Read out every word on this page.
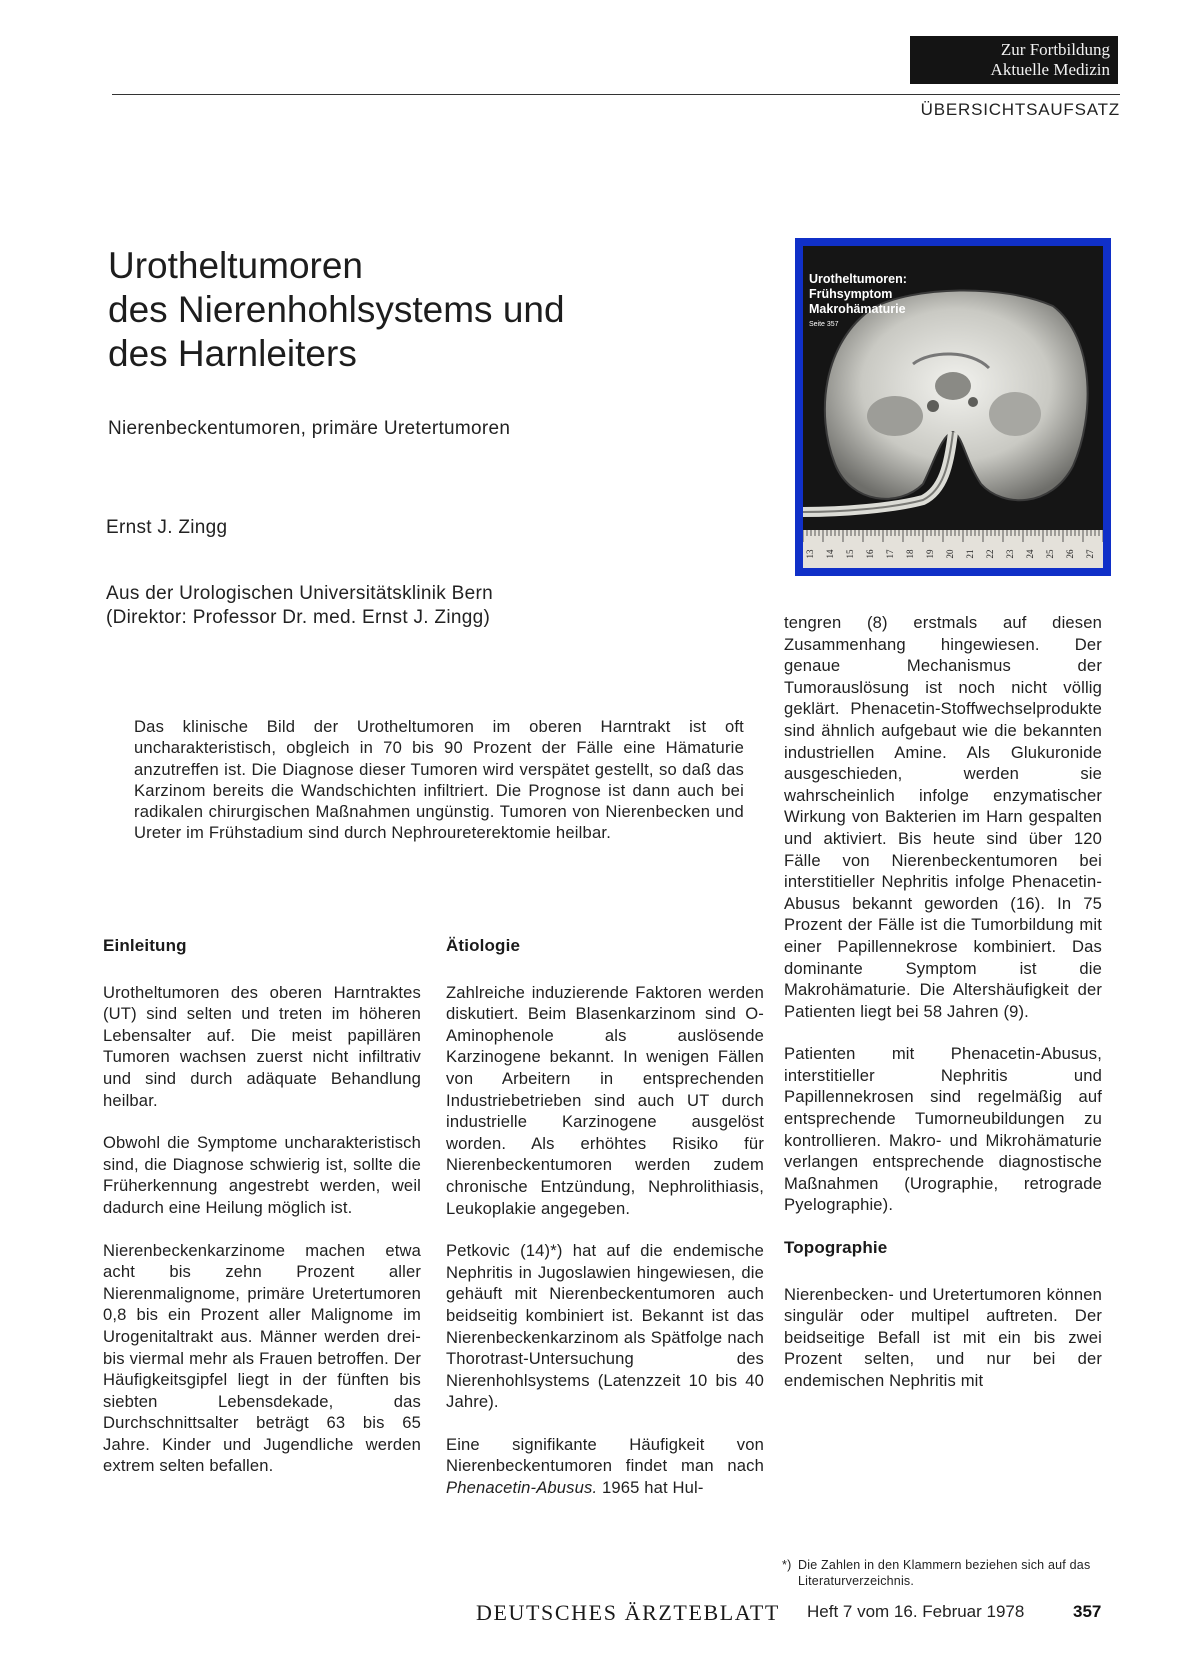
Zur Fortbildung
Aktuelle Medizin
ÜBERSICHTSAUFSATZ
Urotheltumoren
des Nierenhohlsystems und
des Harnleiters
Nierenbeckentumoren, primäre Uretertumoren
Ernst J. Zingg
Aus der Urologischen Universitätsklinik Bern
(Direktor: Professor Dr. med. Ernst J. Zingg)
Urotheltumoren:
Frühsymptom
Makrohämaturie
Seite 357
13 14 15 16 17 18 19 20 21 22 23 24 25 26 27
Das klinische Bild der Urotheltumoren im oberen Harntrakt ist oft uncharakteristisch, obgleich in 70 bis 90 Prozent der Fälle eine Hämaturie anzutreffen ist. Die Diagnose dieser Tumoren wird verspätet gestellt, so daß das Karzinom bereits die Wandschichten infiltriert. Die Prognose ist dann auch bei radikalen chirurgischen Maßnahmen ungünstig. Tumoren von Nierenbecken und Ureter im Frühstadium sind durch Nephroureterektomie heilbar.
Einleitung

Urotheltumoren des oberen Harntraktes (UT) sind selten und treten im höheren Lebensalter auf. Die meist papillären Tumoren wachsen zuerst nicht infiltrativ und sind durch adäquate Behandlung heilbar.

Obwohl die Symptome uncharakteristisch sind, die Diagnose schwierig ist, sollte die Früherkennung angestrebt werden, weil dadurch eine Heilung möglich ist.

Nierenbeckenkarzinome machen etwa acht bis zehn Prozent aller Nierenmalignome, primäre Uretertumoren 0,8 bis ein Prozent aller Malignome im Urogenitaltrakt aus. Männer werden drei- bis viermal mehr als Frauen betroffen. Der Häufigkeitsgipfel liegt in der fünften bis siebten Lebensdekade, das Durchschnittsalter beträgt 63 bis 65 Jahre. Kinder und Jugendliche werden extrem selten befallen.

Ätiologie

Zahlreiche induzierende Faktoren werden diskutiert. Beim Blasenkarzinom sind O-Aminophenole als auslösende Karzinogene bekannt. In wenigen Fällen von Arbeitern in entsprechenden Industriebetrieben sind auch UT durch industrielle Karzinogene ausgelöst worden. Als erhöhtes Risiko für Nierenbeckentumoren werden zudem chronische Entzündung, Nephrolithiasis, Leukoplakie angegeben.

Petkovic (14)*) hat auf die endemische Nephritis in Jugoslawien hingewiesen, die gehäuft mit Nierenbeckentumoren auch beidseitig kombiniert ist. Bekannt ist das Nierenbeckenkarzinom als Spätfolge nach Thorotrast-Untersuchung des Nierenhohlsystems (Latenzzeit 10 bis 40 Jahre).

Eine signifikante Häufigkeit von Nierenbeckentumoren findet man nach Phenacetin-Abusus. 1965 hat Hul-

tengren (8) erstmals auf diesen Zusammenhang hingewiesen. Der genaue Mechanismus der Tumorauslösung ist noch nicht völlig geklärt. Phenacetin-Stoffwechselprodukte sind ähnlich aufgebaut wie die bekannten industriellen Amine. Als Glukuronide ausgeschieden, werden sie wahrscheinlich infolge enzymatischer Wirkung von Bakterien im Harn gespalten und aktiviert. Bis heute sind über 120 Fälle von Nierenbeckentumoren bei interstitieller Nephritis infolge Phenacetin-Abusus bekannt geworden (16). In 75 Prozent der Fälle ist die Tumorbildung mit einer Papillennekrose kombiniert. Das dominante Symptom ist die Makrohämaturie. Die Altershäufigkeit der Patienten liegt bei 58 Jahren (9).

Patienten mit Phenacetin-Abusus, interstitieller Nephritis und Papillennekrosen sind regelmäßig auf entsprechende Tumorneubildungen zu kontrollieren. Makro- und Mikrohämaturie verlangen entsprechende diagnostische Maßnahmen (Urographie, retrograde Pyelographie).

Topographie

Nierenbecken- und Uretertumoren können singulär oder multipel auftreten. Der beidseitige Befall ist mit ein bis zwei Prozent selten, und nur bei der endemischen Nephritis mit

*) Die Zahlen in den Klammern beziehen sich auf das Literaturverzeichnis.
DEUTSCHES ÄRZTEBLATT Heft 7 vom 16. Februar 1978	357
